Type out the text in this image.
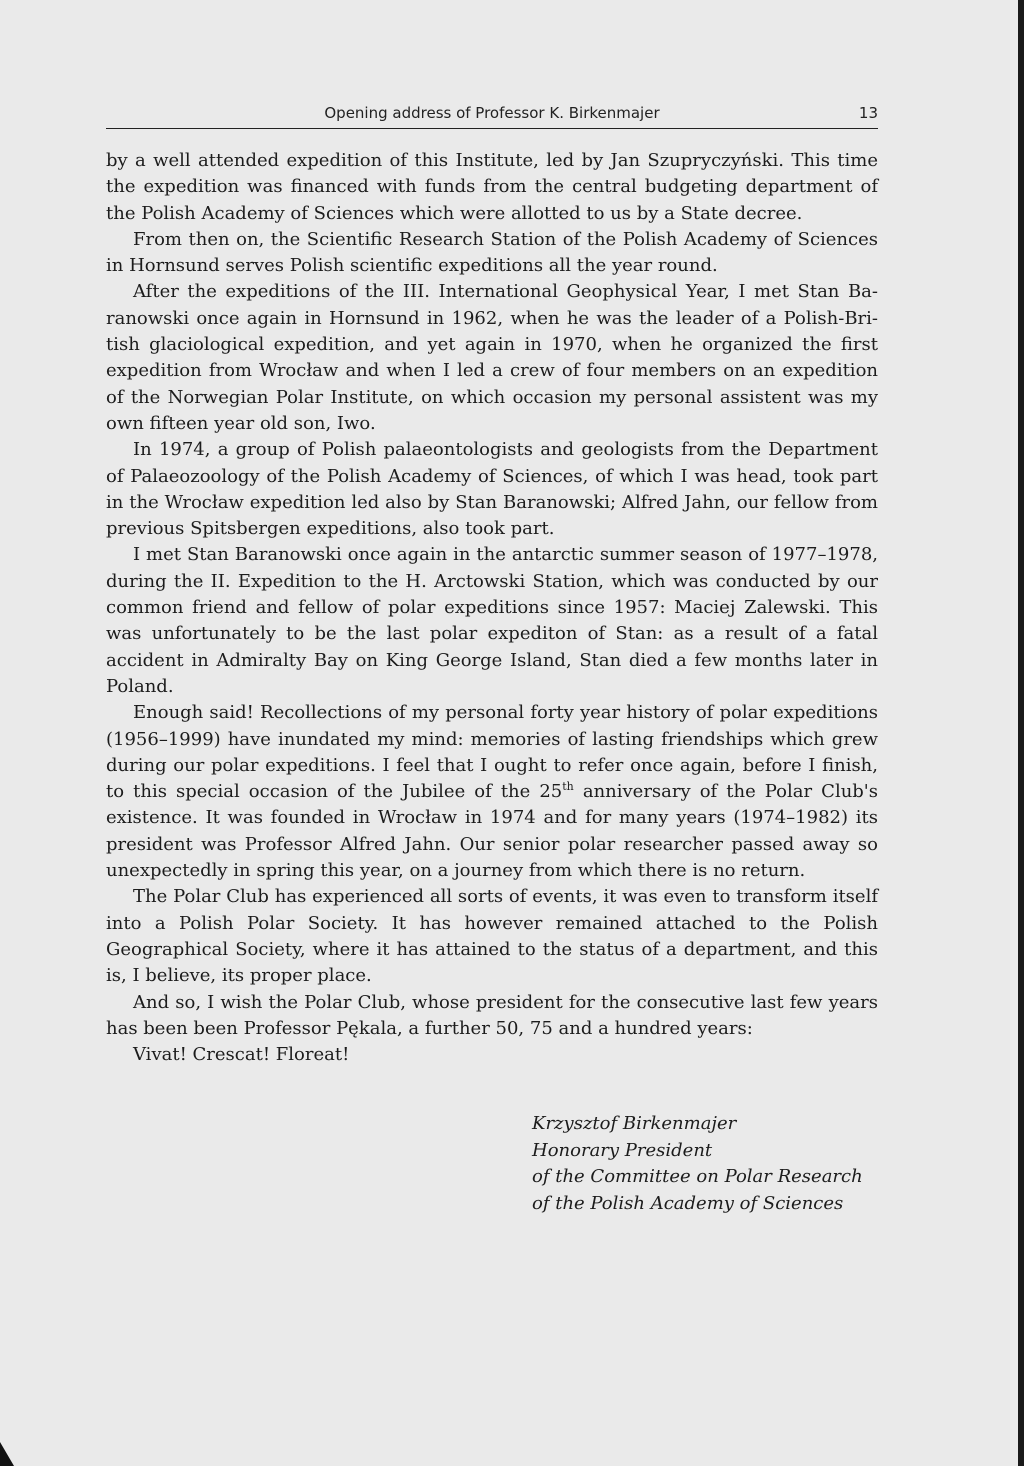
Opening address of Professor K. Birkenmajer	13

by a well attended expedition of this Institute, led by Jan Szupryczyński. This time the expedition was financed with funds from the central budgeting department of the Polish Academy of Sciences which were allotted to us by a State decree.

From then on, the Scientific Research Station of the Polish Academy of Sciences in Hornsund serves Polish scientific expeditions all the year round.

After the expeditions of the III. International Geophysical Year, I met Stan Baranowski once again in Hornsund in 1962, when he was the leader of a Polish-British glaciological expedition, and yet again in 1970, when he organized the first expedition from Wrocław and when I led a crew of four members on an expedition of the Norwegian Polar Institute, on which occasion my personal assistent was my own fifteen year old son, Iwo.

In 1974, a group of Polish palaeontologists and geologists from the Department of Palaeozoology of the Polish Academy of Sciences, of which I was head, took part in the Wrocław expedition led also by Stan Baranowski; Alfred Jahn, our fellow from previous Spitsbergen expeditions, also took part.

I met Stan Baranowski once again in the antarctic summer season of 1977–1978, during the II. Expedition to the H. Arctowski Station, which was conducted by our common friend and fellow of polar expeditions since 1957: Maciej Zalewski. This was unfortunately to be the last polar expediton of Stan: as a result of a fatal accident in Admiralty Bay on King George Island, Stan died a few months later in Poland.

Enough said! Recollections of my personal forty year history of polar expeditions (1956–1999) have inundated my mind: memories of lasting friendships which grew during our polar expeditions. I feel that I ought to refer once again, before I finish, to this special occasion of the Jubilee of the 25th anniversary of the Polar Club's existence. It was founded in Wrocław in 1974 and for many years (1974–1982) its president was Professor Alfred Jahn. Our senior polar researcher passed away so unexpectedly in spring this year, on a journey from which there is no return.

The Polar Club has experienced all sorts of events, it was even to transform itself into a Polish Polar Society. It has however remained attached to the Polish Geographical Society, where it has attained to the status of a department, and this is, I believe, its proper place.

And so, I wish the Polar Club, whose president for the consecutive last few years has been been Professor Pękala, a further 50, 75 and a hundred years:

Vivat! Crescat! Floreat!

Krzysztof Birkenmajer
Honorary President
of the Committee on Polar Research
of the Polish Academy of Sciences
